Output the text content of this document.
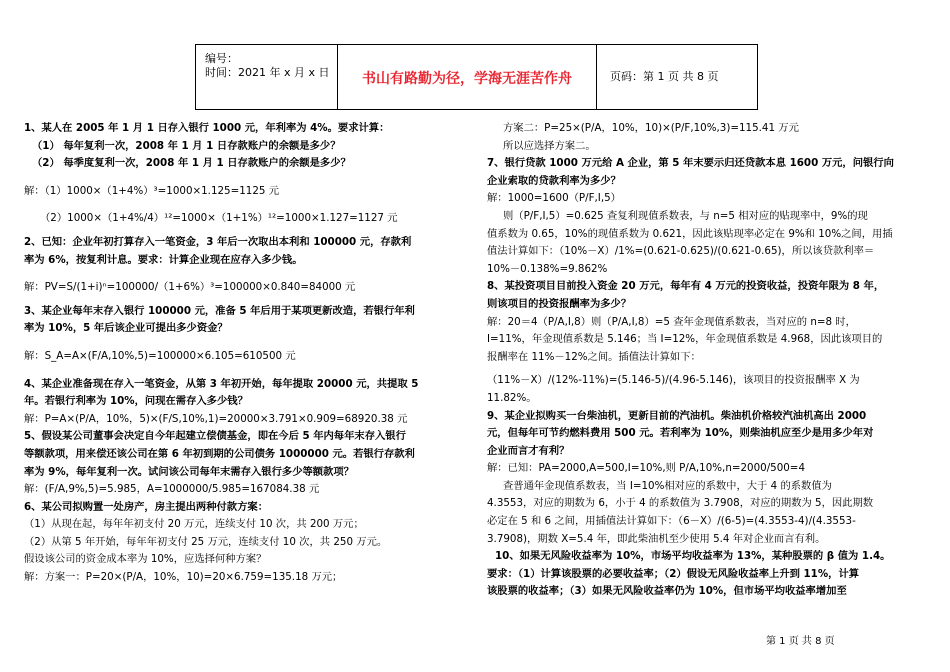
编号：
时间：2021 年 x 月 x 日	书山有路勤为径，学海无涯苦作舟	页码：第 1 页 共 8 页

1、某人在 2005 年 1 月 1 日存入银行 1000 元，年利率为 4%。要求计算：

（1） 每年复利一次，2008 年 1 月 1 日存款账户的余额是多少？

（2） 每季度复利一次，2008 年 1 月 1 日存款账户的余额是多少？

解：（1）1000×（1+4%）³=1000×1.125=1125 元

（2）1000×（1+4%/4）¹²=1000×（1+1%）¹²=1000×1.127=1127 元

2、已知：企业年初打算存入一笔资金，3 年后一次取出本利和 100000 元，存款利

率为 6%，按复利计息。要求：计算企业现在应存入多少钱。

解：PV=S/(1+i)ⁿ=100000/（1+6%）³=100000×0.840=84000 元

3、某企业每年末存入银行 100000 元，准备 5 年后用于某项更新改造，若银行年利

率为 10%，5 年后该企业可提出多少资金？

解：S_A=A×(F/A,10%,5)=100000×6.105=610500 元

4、某企业准备现在存入一笔资金，从第 3 年初开始，每年提取 20000 元，共提取 5

年。若银行利率为 10%，问现在需存入多少钱？

解：P=A×(P/A，10%，5)×(F/S,10%,1)=20000×3.791×0.909=68920.38 元

5、假设某公司董事会决定自今年起建立偿债基金，即在今后 5 年内每年末存入银行

等额款项，用来偿还该公司在第 6 年初到期的公司债务 1000000 元。若银行存款利

率为 9%，每年复利一次。试问该公司每年末需存入银行多少等额款项？

解：(F/A,9%,5)=5.985，A=1000000/5.985=167084.38 元

6、某公司拟购置一处房产，房主提出两种付款方案：

（1）从现在起，每年年初支付 20 万元，连续支付 10 次，共 200 万元；

（2）从第 5 年开始，每年年初支付 25 万元，连续支付 10 次，共 250 万元。

假设该公司的资金成本率为 10%，应选择何种方案？

解：方案一：P=20×(P/A，10%，10)=20×6.759=135.18 万元；

方案二：P=25×(P/A，10%，10)×(P/F,10%,3)=115.41 万元

所以应选择方案二。

7、银行贷款 1000 万元给 A 企业，第 5 年末要示归还贷款本息 1600 万元，问银行向

企业索取的贷款利率为多少？

解：1000=1600（P/F,I,5）

则（P/F,I,5）=0.625 查复利现值系数表，与 n=5 相对应的贴现率中，9%的现

值系数为 0.65，10%的现值系数为 0.621，因此该贴现率必定在 9%和 10%之间，用插

值法计算如下：（10%－X）/1%=(0.621-0.625)/(0.621-0.65)，所以该贷款利率＝

10%－0.138%=9.862%

8、某投资项目目前投入资金 20 万元，每年有 4 万元的投资收益，投资年限为 8 年，

则该项目的投资报酬率为多少？

解：20＝4（P/A,I,8）则（P/A,I,8）=5 查年金现值系数表，当对应的 n=8 时，

I=11%，年金现值系数是 5.146；当 I=12%，年金现值系数是 4.968，因此该项目的

报酬率在 11%－12%之间。插值法计算如下：

（11%－X）/(12%-11%)=(5.146-5)/(4.96-5.146)，该项目的投资报酬率 X 为

11.82%。

9、某企业拟购买一台柴油机，更新目前的汽油机。柴油机价格较汽油机高出 2000

元，但每年可节约燃料费用 500 元。若利率为 10%，则柴油机应至少是用多少年对

企业而言才有利？

解：已知：PA=2000,A=500,I=10%,则 P/A,10%,n=2000/500=4

查普通年金现值系数表，当 I=10%相对应的系数中，大于 4 的系数值为

4.3553，对应的期数为 6，小于 4 的系数值为 3.7908，对应的期数为 5，因此期数

必定在 5 和 6 之间，用插值法计算如下：（6－X）/(6-5)=(4.3553-4)/(4.3553-

3.7908)，期数 X=5.4 年，即此柴油机至少使用 5.4 年对企业而言有利。

10、如果无风险收益率为 10%，市场平均收益率为 13%，某种股票的 β 值为 1.4。

要求：（1）计算该股票的必要收益率；（2）假设无风险收益率上升到 11%，计算

该股票的收益率；（3）如果无风险收益率仍为 10%，但市场平均收益率增加至

第 1 页 共 8 页
